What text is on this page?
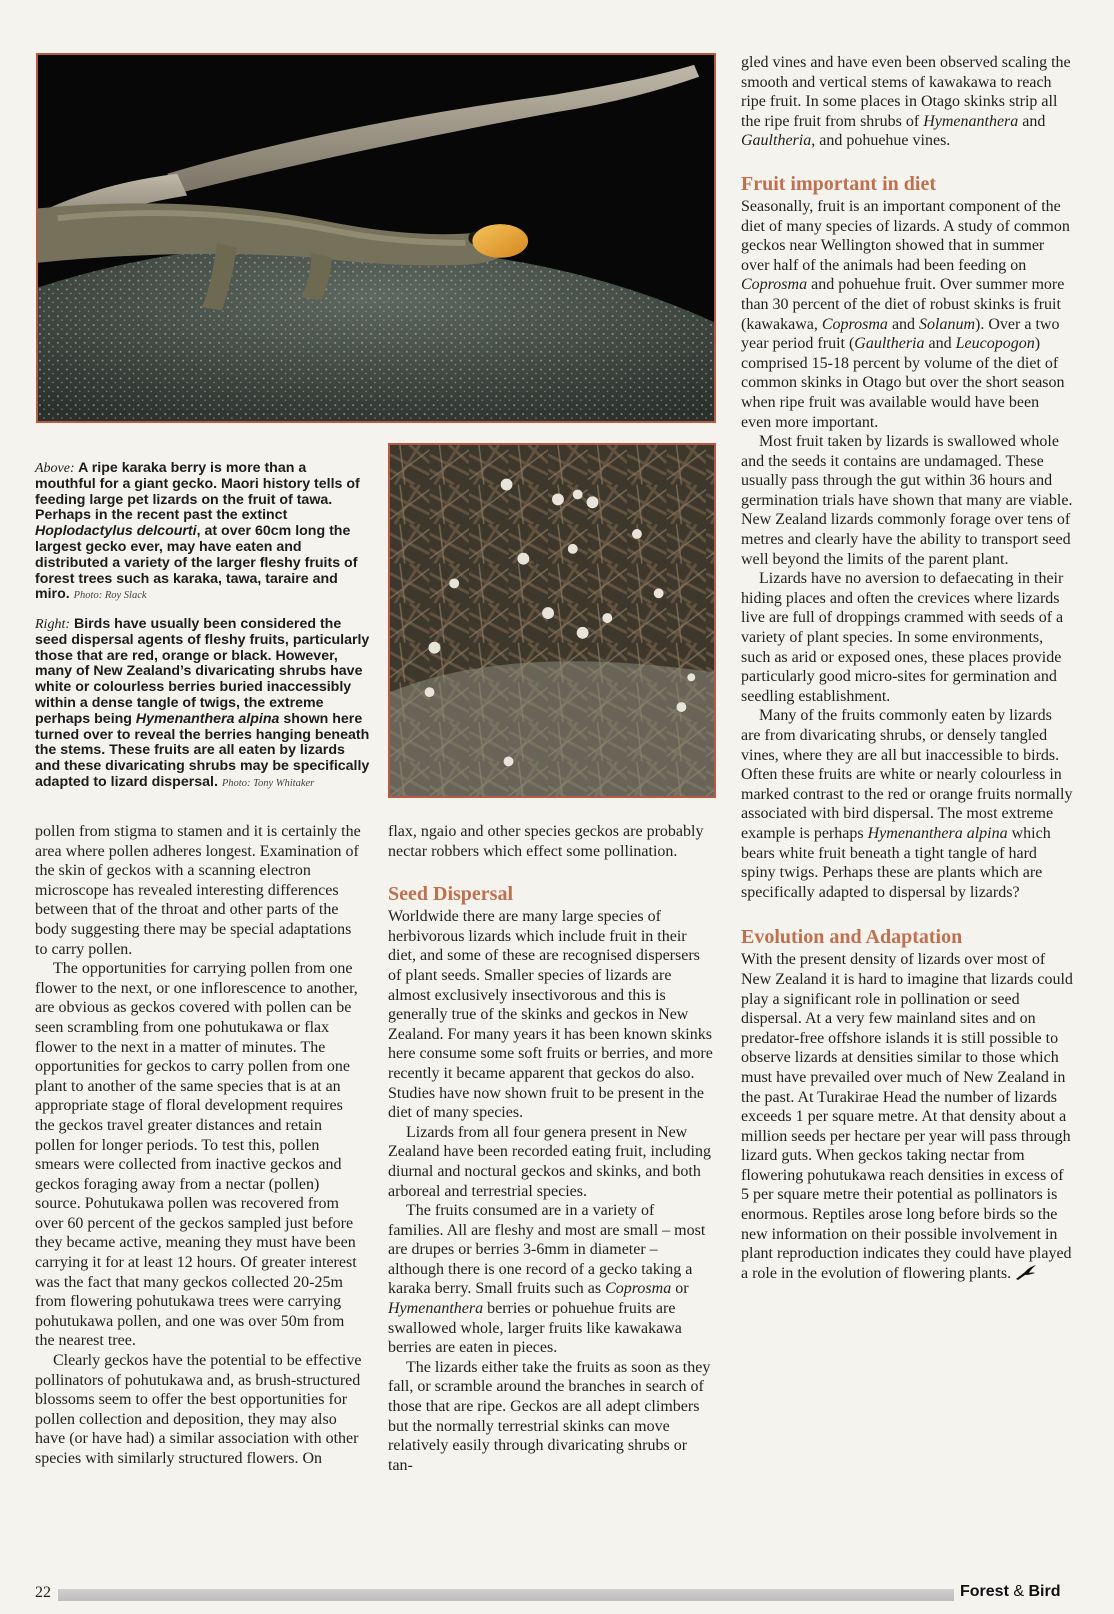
Above: A ripe karaka berry is more than a mouthful for a giant gecko. Maori history tells of feeding large pet lizards on the fruit of tawa. Perhaps in the recent past the extinct Hoplodactylus delcourti, at over 60cm long the largest gecko ever, may have eaten and distributed a variety of the larger fleshy fruits of forest trees such as karaka, tawa, taraire and miro. Photo: Roy Slack
Right: Birds have usually been considered the seed dispersal agents of fleshy fruits, particularly those that are red, orange or black. However, many of New Zealand’s divaricating shrubs have white or colourless berries buried inaccessibly within a dense tangle of twigs, the extreme perhaps being Hymenanthera alpina shown here turned over to reveal the berries hanging beneath the stems. These fruits are all eaten by lizards and these divaricating shrubs may be specifically adapted to lizard dispersal. Photo: Tony Whitaker

pollen from stigma to stamen and it is certainly the area where pollen adheres longest. Examination of the skin of geckos with a scanning electron microscope has revealed interesting differences between that of the throat and other parts of the body suggesting there may be special adaptations to carry pollen.

The opportunities for carrying pollen from one flower to the next, or one inflorescence to another, are obvious as geckos covered with pollen can be seen scrambling from one pohutukawa or flax flower to the next in a matter of minutes. The opportunities for geckos to carry pollen from one plant to another of the same species that is at an appropriate stage of floral development requires the geckos travel greater distances and retain pollen for longer periods. To test this, pollen smears were collected from inactive geckos and geckos foraging away from a nectar (pollen) source. Pohutukawa pollen was recovered from over 60 percent of the geckos sampled just before they became active, meaning they must have been carrying it for at least 12 hours. Of greater interest was the fact that many geckos collected 20-25m from flowering pohutukawa trees were carrying pohutukawa pollen, and one was over 50m from the nearest tree.

Clearly geckos have the potential to be effective pollinators of pohutukawa and, as brush-structured blossoms seem to offer the best opportunities for pollen collection and deposition, they may also have (or have had) a similar association with other species with similarly structured flowers. On

flax, ngaio and other species geckos are probably nectar robbers which effect some pollination.

Seed Dispersal

Worldwide there are many large species of herbivorous lizards which include fruit in their diet, and some of these are recognised dispersers of plant seeds. Smaller species of lizards are almost exclusively insectivorous and this is generally true of the skinks and geckos in New Zealand. For many years it has been known skinks here consume some soft fruits or berries, and more recently it became apparent that geckos do also. Studies have now shown fruit to be present in the diet of many species.

Lizards from all four genera present in New Zealand have been recorded eating fruit, including diurnal and noctural geckos and skinks, and both arboreal and terrestrial species.

The fruits consumed are in a variety of families. All are fleshy and most are small – most are drupes or berries 3-6mm in diameter – although there is one record of a gecko taking a karaka berry. Small fruits such as Coprosma or Hymenanthera berries or pohuehue fruits are swallowed whole, larger fruits like kawakawa berries are eaten in pieces.

The lizards either take the fruits as soon as they fall, or scramble around the branches in search of those that are ripe. Geckos are all adept climbers but the normally terrestrial skinks can move relatively easily through divaricating shrubs or tan-

gled vines and have even been observed scaling the smooth and vertical stems of kawakawa to reach ripe fruit. In some places in Otago skinks strip all the ripe fruit from shrubs of Hymenanthera and Gaultheria, and pohuehue vines.

Fruit important in diet

Seasonally, fruit is an important component of the diet of many species of lizards. A study of common geckos near Wellington showed that in summer over half of the animals had been feeding on Coprosma and pohuehue fruit. Over summer more than 30 percent of the diet of robust skinks is fruit (kawakawa, Coprosma and Solanum). Over a two year period fruit (Gaultheria and Leucopogon) comprised 15-18 percent by volume of the diet of common skinks in Otago but over the short season when ripe fruit was available would have been even more important.

Most fruit taken by lizards is swallowed whole and the seeds it contains are undamaged. These usually pass through the gut within 36 hours and germination trials have shown that many are viable. New Zealand lizards commonly forage over tens of metres and clearly have the ability to transport seed well beyond the limits of the parent plant.

Lizards have no aversion to defaecating in their hiding places and often the crevices where lizards live are full of droppings crammed with seeds of a variety of plant species. In some environments, such as arid or exposed ones, these places provide particularly good micro-sites for germination and seedling establishment.

Many of the fruits commonly eaten by lizards are from divaricating shrubs, or densely tangled vines, where they are all but inaccessible to birds. Often these fruits are white or nearly colourless in marked contrast to the red or orange fruits normally associated with bird dispersal. The most extreme example is perhaps Hymenanthera alpina which bears white fruit beneath a tight tangle of hard spiny twigs. Perhaps these are plants which are specifically adapted to dispersal by lizards?

Evolution and Adaptation

With the present density of lizards over most of New Zealand it is hard to imagine that lizards could play a significant role in pollination or seed dispersal. At a very few mainland sites and on predator-free offshore islands it is still possible to observe lizards at densities similar to those which must have prevailed over much of New Zealand in the past. At Turakirae Head the number of lizards exceeds 1 per square metre. At that density about a million seeds per hectare per year will pass through lizard guts. When geckos taking nectar from flowering pohutukawa reach densities in excess of 5 per square metre their potential as pollinators is enormous. Reptiles arose long before birds so the new information on their possible involvement in plant reproduction indicates they could have played a role in the evolution of flowering plants.

22	Forest & Bird
